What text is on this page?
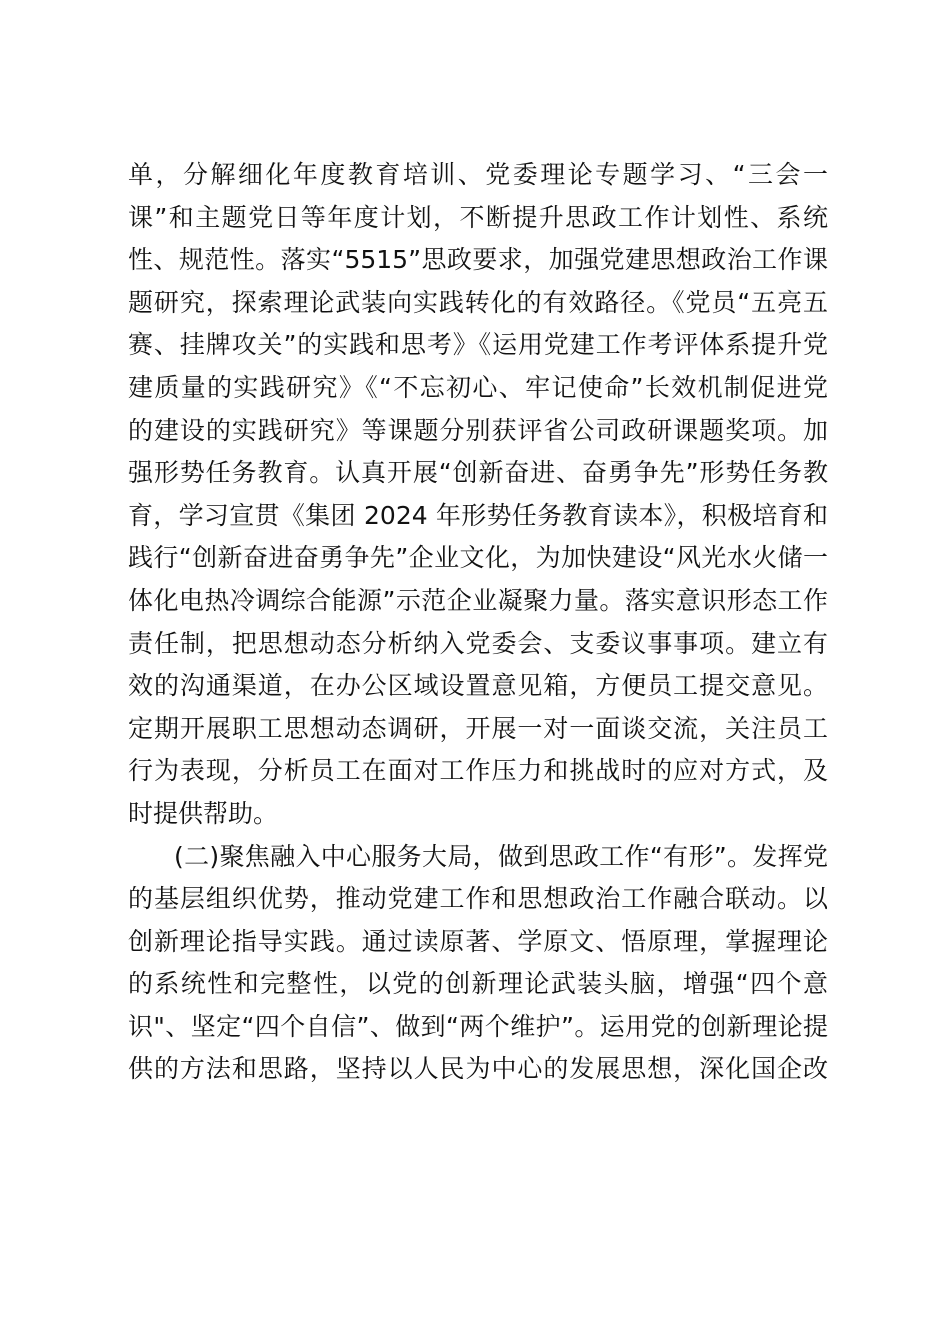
单，分解细化年度教育培训、党委理论专题学习、“三会一
课”和主题党日等年度计划，不断提升思政工作计划性、系统
性、规范性。落实“5515”思政要求，加强党建思想政治工作课
题研究，探索理论武装向实践转化的有效路径。《党员“五亮五
赛、挂牌攻关”的实践和思考》《运用党建工作考评体系提升党
建质量的实践研究》《“不忘初心、牢记使命”长效机制促进党
的建设的实践研究》等课题分别获评省公司政研课题奖项。加
强形势任务教育。认真开展“创新奋进、奋勇争先”形势任务教
育，学习宣贯《集团 2024 年形势任务教育读本》，积极培育和
践行“创新奋进奋勇争先”企业文化，为加快建设“风光水火储一
体化电热冷调综合能源”示范企业凝聚力量。落实意识形态工作
责任制，把思想动态分析纳入党委会、支委议事事项。建立有
效的沟通渠道，在办公区域设置意见箱，方便员工提交意见。
定期开展职工思想动态调研，开展一对一面谈交流，关注员工
行为表现，分析员工在面对工作压力和挑战时的应对方式，及
时提供帮助。
(二)聚焦融入中心服务大局，做到思政工作“有形”。发挥党
的基层组织优势，推动党建工作和思想政治工作融合联动。以
创新理论指导实践。通过读原著、学原文、悟原理，掌握理论
的系统性和完整性，以党的创新理论武装头脑，增强“四个意
识"、坚定“四个自信”、做到“两个维护”。运用党的创新理论提
供的方法和思路，坚持以人民为中心的发展思想，深化国企改
